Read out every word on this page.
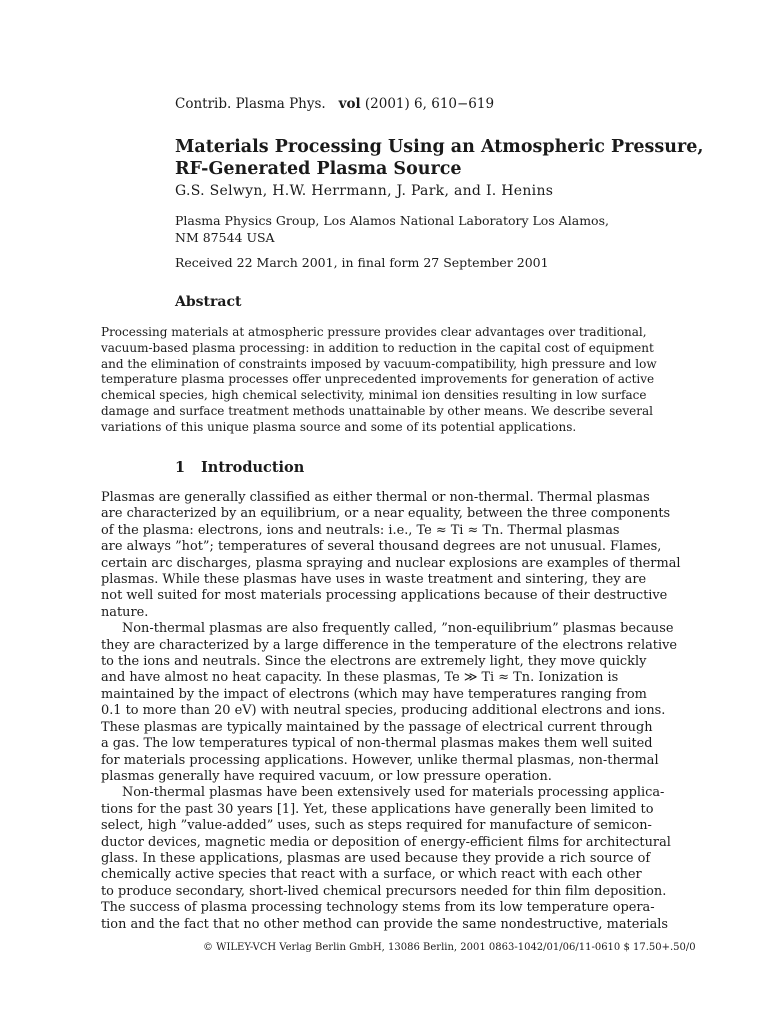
Contrib. Plasma Phys. vol (2001) 6, 610−619
Materials Processing Using an Atmospheric Pressure,
RF-Generated Plasma Source
G.S. Selwyn, H.W. Herrmann, J. Park, and I. Henins
Plasma Physics Group, Los Alamos National Laboratory Los Alamos,
NM 87544 USA
Received 22 March 2001, in final form 27 September 2001
Abstract
Processing materials at atmospheric pressure provides clear advantages over traditional,
vacuum-based plasma processing: in addition to reduction in the capital cost of equipment
and the elimination of constraints imposed by vacuum-compatibility, high pressure and low
temperature plasma processes offer unprecedented improvements for generation of active
chemical species, high chemical selectivity, minimal ion densities resulting in low surface
damage and surface treatment methods unattainable by other means. We describe several
variations of this unique plasma source and some of its potential applications.
1 Introduction
Plasmas are generally classified as either thermal or non-thermal. Thermal plasmas
are characterized by an equilibrium, or a near equality, between the three components
of the plasma: electrons, ions and neutrals: i.e., Te ≈ Ti ≈ Tn. Thermal plasmas
are always ”hot”; temperatures of several thousand degrees are not unusual. Flames,
certain arc discharges, plasma spraying and nuclear explosions are examples of thermal
plasmas. While these plasmas have uses in waste treatment and sintering, they are
not well suited for most materials processing applications because of their destructive
nature.
Non-thermal plasmas are also frequently called, ”non-equilibrium” plasmas because
they are characterized by a large difference in the temperature of the electrons relative
to the ions and neutrals. Since the electrons are extremely light, they move quickly
and have almost no heat capacity. In these plasmas, Te ≫ Ti ≈ Tn. Ionization is
maintained by the impact of electrons (which may have temperatures ranging from
0.1 to more than 20 eV) with neutral species, producing additional electrons and ions.
These plasmas are typically maintained by the passage of electrical current through
a gas. The low temperatures typical of non-thermal plasmas makes them well suited
for materials processing applications. However, unlike thermal plasmas, non-thermal
plasmas generally have required vacuum, or low pressure operation.
Non-thermal plasmas have been extensively used for materials processing applica-
tions for the past 30 years [1]. Yet, these applications have generally been limited to
select, high ”value-added” uses, such as steps required for manufacture of semicon-
ductor devices, magnetic media or deposition of energy-efficient films for architectural
glass. In these applications, plasmas are used because they provide a rich source of
chemically active species that react with a surface, or which react with each other
to produce secondary, short-lived chemical precursors needed for thin film deposition.
The success of plasma processing technology stems from its low temperature opera-
tion and the fact that no other method can provide the same nondestructive, materials
© WILEY-VCH Verlag Berlin GmbH, 13086 Berlin, 2001 0863-1042/01/06/11-0610 $ 17.50+.50/0
